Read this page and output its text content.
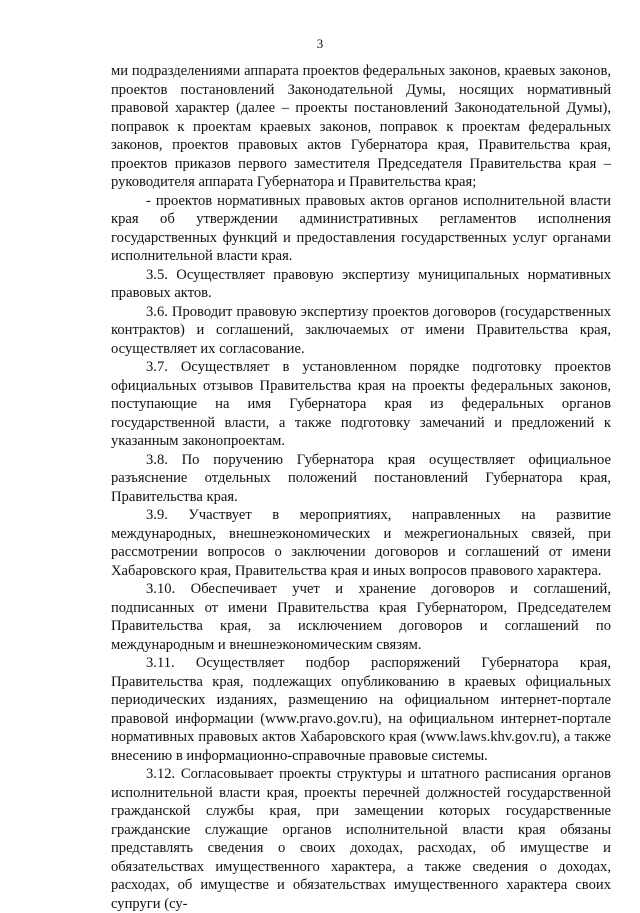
3

ми подразделениями аппарата проектов федеральных законов, краевых законов, проектов постановлений Законодательной Думы, носящих нормативный правовой характер (далее – проекты постановлений Законодательной Думы), поправок к проектам краевых законов, поправок к проектам федеральных законов, проектов правовых актов Губернатора края, Правительства края, проектов приказов первого заместителя Председателя Правительства края – руководителя аппарата Губернатора и Правительства края;

- проектов нормативных правовых актов органов исполнительной власти края об утверждении административных регламентов исполнения государственных функций и предоставления государственных услуг органами исполнительной власти края.

3.5. Осуществляет правовую экспертизу муниципальных нормативных правовых актов.

3.6. Проводит правовую экспертизу проектов договоров (государственных контрактов) и соглашений, заключаемых от имени Правительства края, осуществляет их согласование.

3.7. Осуществляет в установленном порядке подготовку проектов официальных отзывов Правительства края на проекты федеральных законов, поступающие на имя Губернатора края из федеральных органов государственной власти, а также подготовку замечаний и предложений к указанным законопроектам.

3.8. По поручению Губернатора края осуществляет официальное разъяснение отдельных положений постановлений Губернатора края, Правительства края.

3.9. Участвует в мероприятиях, направленных на развитие международных, внешнеэкономических и межрегиональных связей, при рассмотрении вопросов о заключении договоров и соглашений от имени Хабаровского края, Правительства края и иных вопросов правового характера.

3.10. Обеспечивает учет и хранение договоров и соглашений, подписанных от имени Правительства края Губернатором, Председателем Правительства края, за исключением договоров и соглашений по международным и внешнеэкономическим связям.

3.11. Осуществляет подбор распоряжений Губернатора края, Правительства края, подлежащих опубликованию в краевых официальных периодических изданиях, размещению на официальном интернет-портале правовой информации (www.pravo.gov.ru), на официальном интернет-портале нормативных правовых актов Хабаровского края (www.laws.khv.gov.ru), а также внесению в информационно-справочные правовые системы.

3.12. Согласовывает проекты структуры и штатного расписания органов исполнительной власти края, проекты перечней должностей государственной гражданской службы края, при замещении которых государственные гражданские служащие органов исполнительной власти края обязаны представлять сведения о своих доходах, расходах, об имуществе и обязательствах имущественного характера, а также сведения о доходах, расходах, об имуществе и обязательствах имущественного характера своих супруги (су-
